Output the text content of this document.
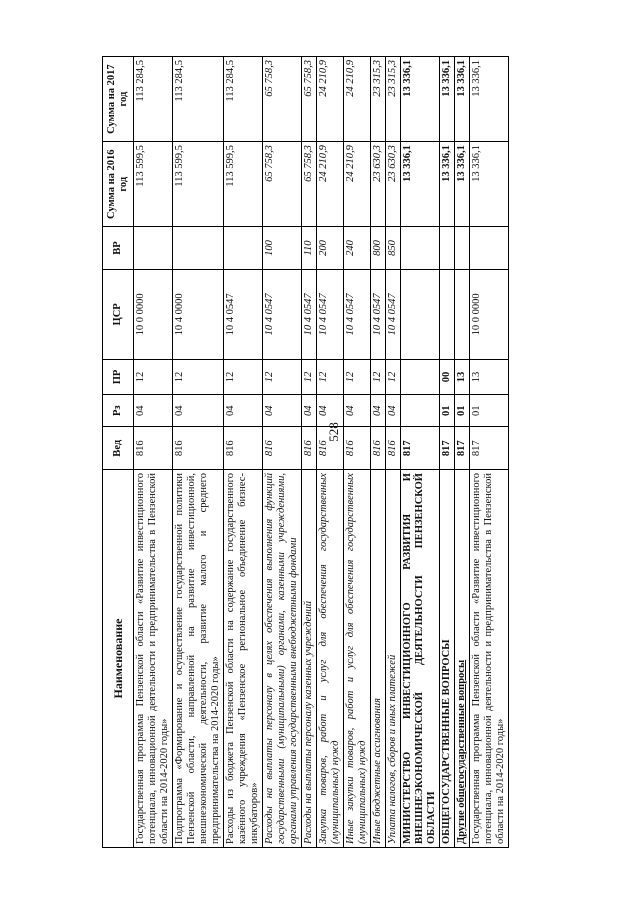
528
Наименование	Вед	Рз	ПР	ЦСР	ВР	Сумма на 2016 год	Сумма на 2017 год
Государственная программа Пензенской области «Развитие инвестиционного потенциала, инновационной деятельности и предпринимательства в Пензенской области на 2014-2020 годы»	816	04	12	10 0 0000		113 599,5	113 284,5
Подпрограмма «Формирование и осуществление государственной политики Пензенской области, направленной на развитие инвестиционной, внешнеэкономической деятельности, развитие малого и среднего предпринимательства на 2014-2020 годы»	816	04	12	10 4 0000		113 599,5	113 284,5
Расходы из бюджета Пензенской области на содержание государственного казённого учреждения «Пензенское региональное объединение бизнес-инкубаторов»	816	04	12	10 4 0547		113 599,5	113 284,5
Расходы на выплаты персоналу в целях обеспечения выполнения функций государственными (муниципальными) органами, казенными учреждениями, органами управления государственными внебюджетными фондами	816	04	12	10 4 0547	100	65 758,3	65 758,3
Расходы на выплаты персоналу казенных учреждений	816	04	12	10 4 0547	110	65 758,3	65 758,3
Закупка товаров, работ и услуг для обеспечения государственных (муниципальных) нужд	816	04	12	10 4 0547	200	24 210,9	24 210,9
Иные закупки товаров, работ и услуг для обеспечения государственных (муниципальных) нужд	816	04	12	10 4 0547	240	24 210,9	24 210,9
Иные бюджетные ассигнования	816	04	12	10 4 0547	800	23 630,3	23 315,3
Уплата налогов, сборов и иных платежей	816	04	12	10 4 0547	850	23 630,3	23 315,3
МИНИСТЕРСТВО ИНВЕСТИЦИОННОГО РАЗВИТИЯ И ВНЕШНЕЭКОНОМИЧЕСКОЙ ДЕЯТЕЛЬНОСТИ ПЕНЗЕНСКОЙ ОБЛАСТИ	817					13 336,1	13 336,1
ОБЩЕГОСУДАРСТВЕННЫЕ ВОПРОСЫ	817	01	00			13 336,1	13 336,1
Другие общегосударственные вопросы	817	01	13			13 336,1	13 336,1
Государственная программа Пензенской области «Развитие инвестиционного потенциала, инновационной деятельности и предпринимательства в Пензенской области на 2014-2020 годы»	817	01	13	10 0 0000		13 336,1	13 336,1
